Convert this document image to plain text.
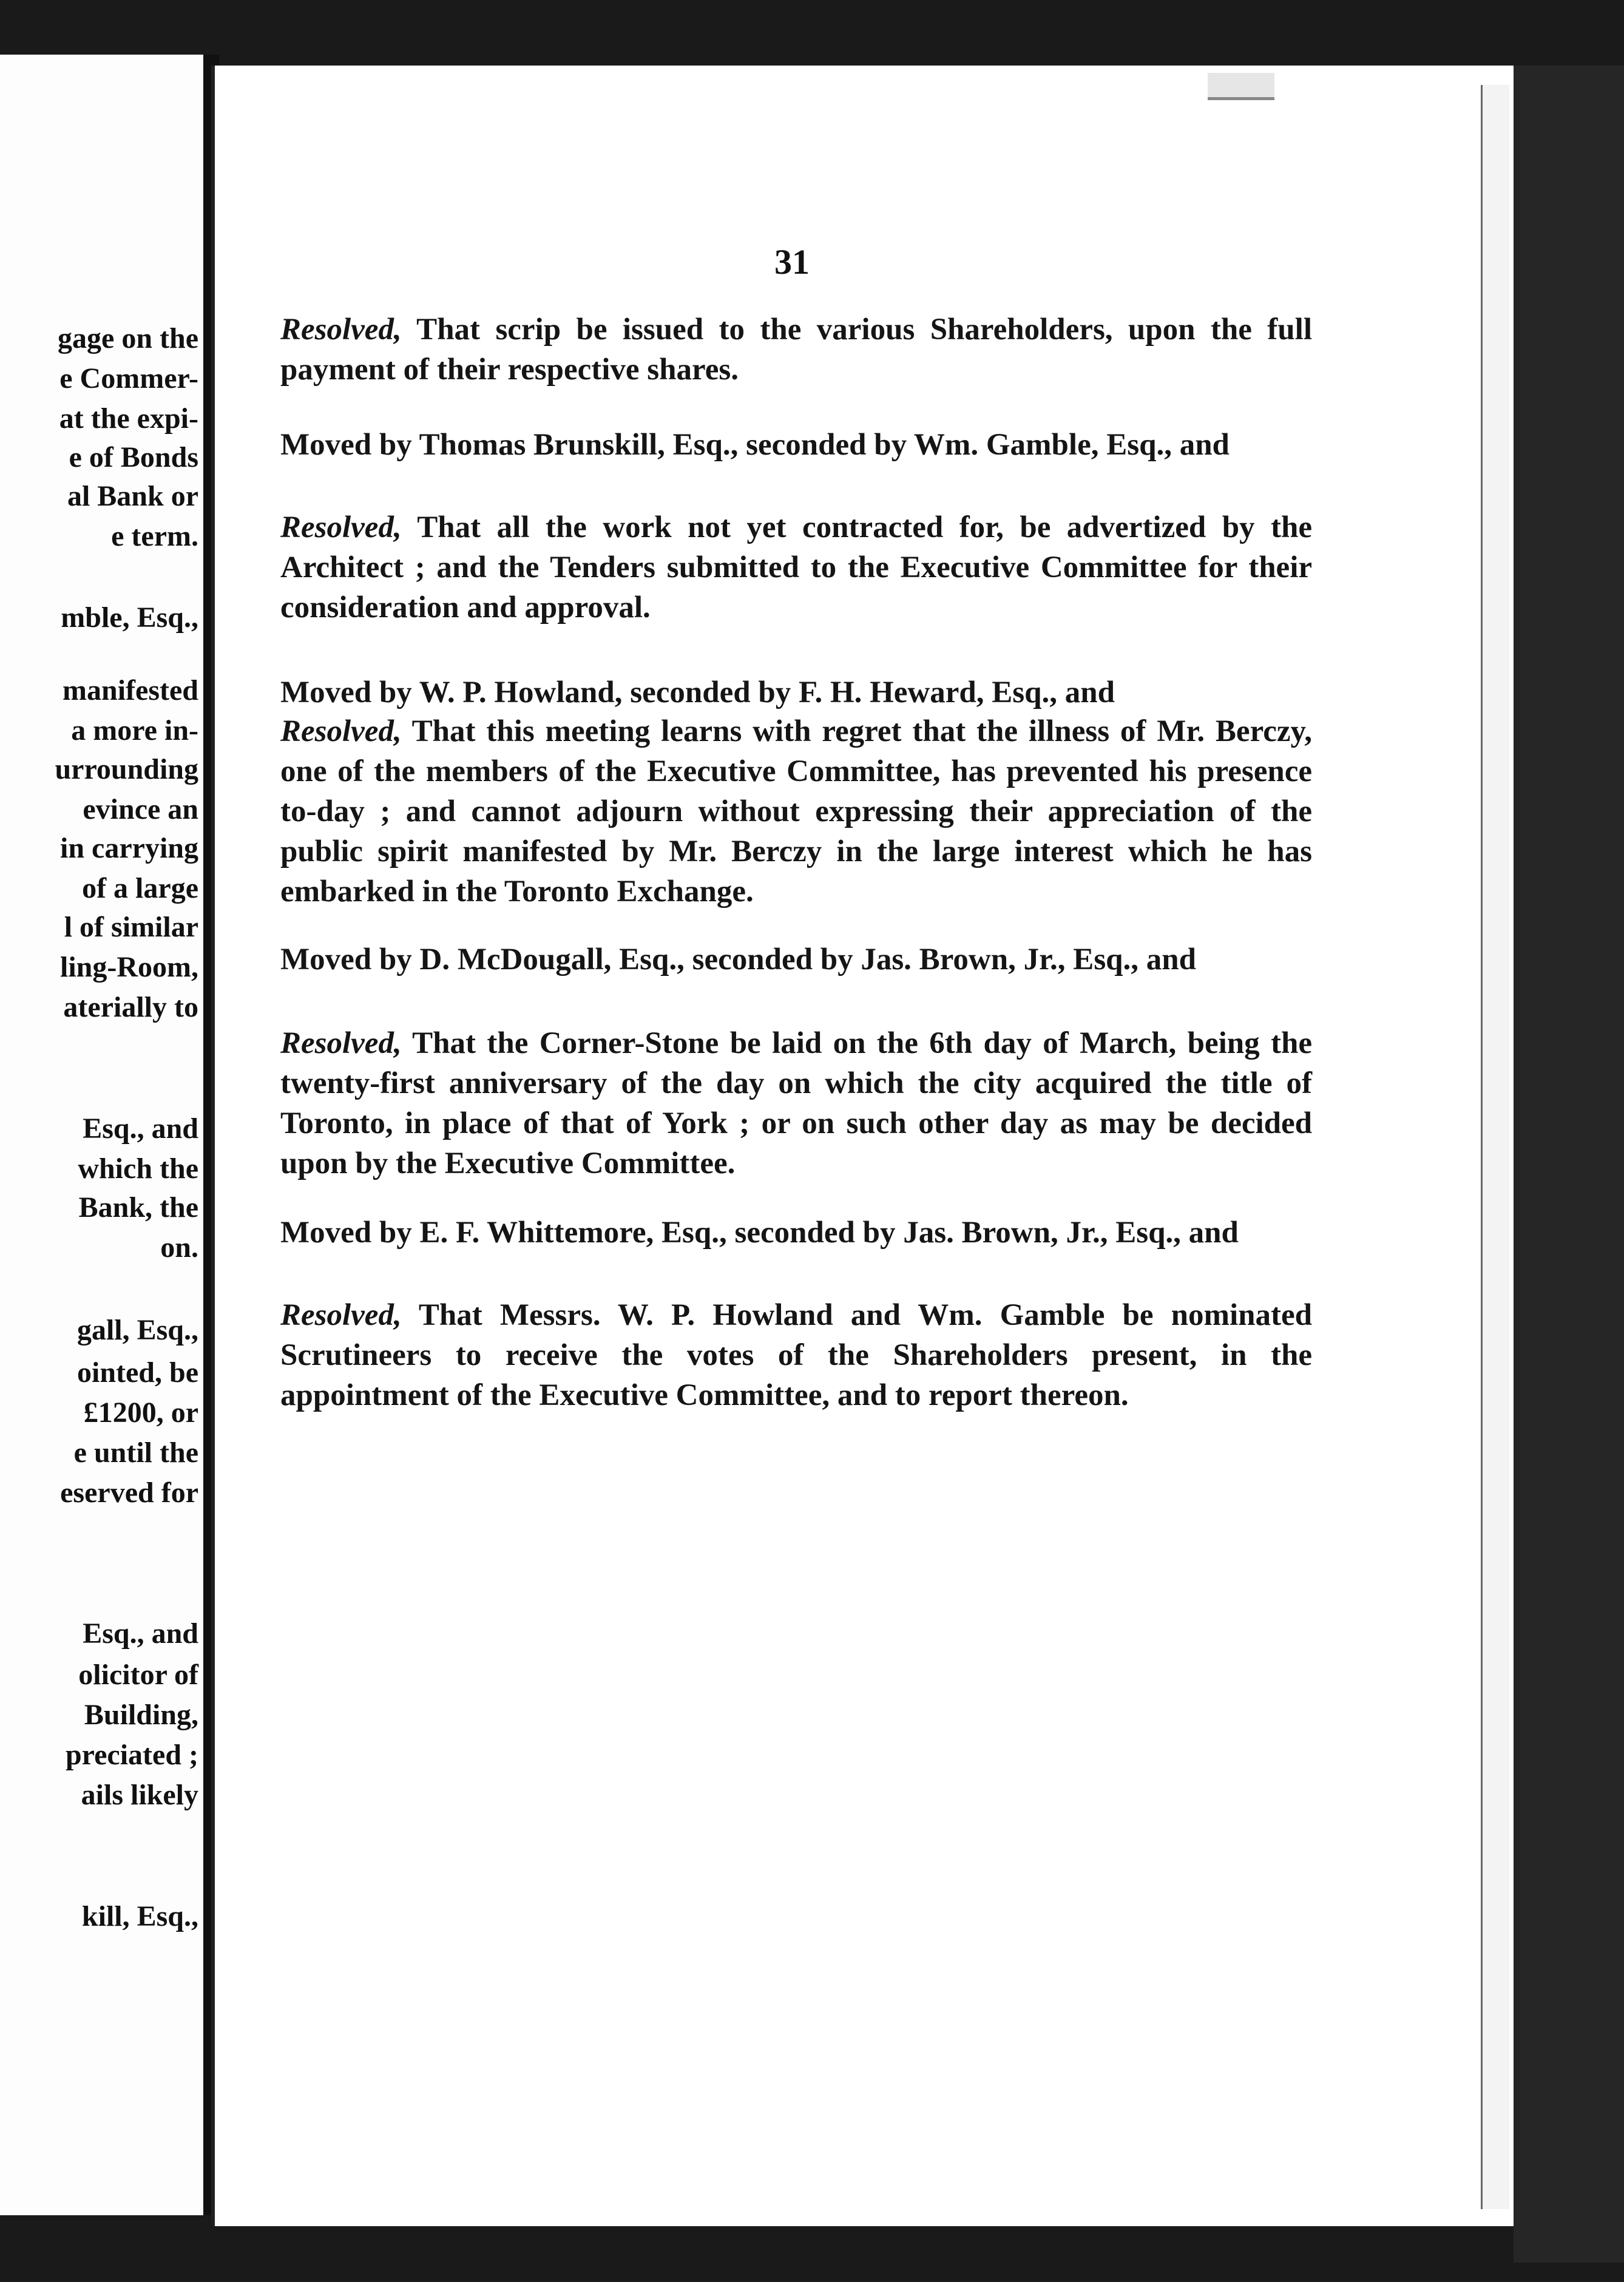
gage on the
e Commer-
at the expi-
e of Bonds
al Bank or
e term.
mble, Esq.,
manifested
a more in-
urrounding
evince an
in carrying
of a large
l of similar
ling-Room,
aterially to
Esq., and
which the
Bank, the
on.
gall, Esq.,
ointed, be
£1200, or
e until the
eserved for
Esq., and
olicitor of
Building,
preciated ;
ails likely
kill, Esq.,
31
Resolved, That scrip be issued to the various Shareholders, upon the full payment of their respective shares.
Moved by Thomas Brunskill, Esq., seconded by Wm. Gamble, Esq., and
Resolved, That all the work not yet contracted for, be advertized by the Architect ; and the Tenders submitted to the Executive Committee for their consideration and approval.
Moved by W. P. Howland, seconded by F. H. Heward, Esq., and
Resolved, That this meeting learns with regret that the illness of Mr. Berczy, one of the members of the Executive Committee, has prevented his presence to-day ; and cannot adjourn without expressing their appreciation of the public spirit manifested by Mr. Berczy in the large interest which he has embarked in the Toronto Exchange.
Moved by D. McDougall, Esq., seconded by Jas. Brown, Jr., Esq., and
Resolved, That the Corner-Stone be laid on the 6th day of March, being the twenty-first anniversary of the day on which the city acquired the title of Toronto, in place of that of York ; or on such other day as may be decided upon by the Executive Committee.
Moved by E. F. Whittemore, Esq., seconded by Jas. Brown, Jr., Esq., and
Resolved, That Messrs. W. P. Howland and Wm. Gamble be nominated Scrutineers to receive the votes of the Shareholders present, in the appointment of the Executive Committee, and to report thereon.
